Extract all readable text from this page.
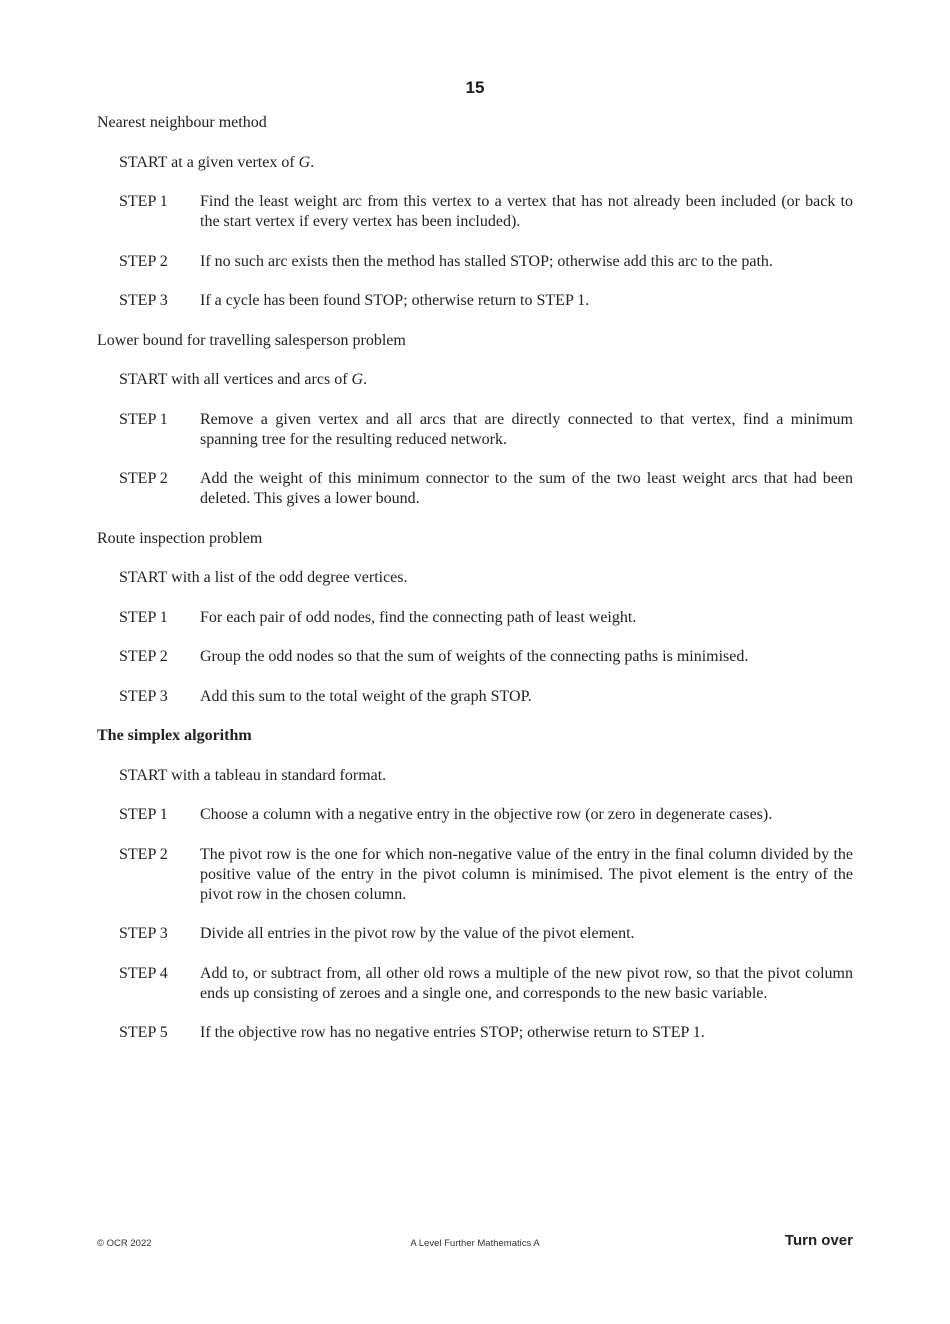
15
Nearest neighbour method
START at a given vertex of G.
STEP 1	Find the least weight arc from this vertex to a vertex that has not already been included (or back to the start vertex if every vertex has been included).
STEP 2	If no such arc exists then the method has stalled STOP; otherwise add this arc to the path.
STEP 3	If a cycle has been found STOP; otherwise return to STEP 1.
Lower bound for travelling salesperson problem
START with all vertices and arcs of G.
STEP 1	Remove a given vertex and all arcs that are directly connected to that vertex, find a minimum spanning tree for the resulting reduced network.
STEP 2	Add the weight of this minimum connector to the sum of the two least weight arcs that had been deleted. This gives a lower bound.
Route inspection problem
START with a list of the odd degree vertices.
STEP 1	For each pair of odd nodes, find the connecting path of least weight.
STEP 2	Group the odd nodes so that the sum of weights of the connecting paths is minimised.
STEP 3	Add this sum to the total weight of the graph STOP.
The simplex algorithm
START with a tableau in standard format.
STEP 1	Choose a column with a negative entry in the objective row (or zero in degenerate cases).
STEP 2	The pivot row is the one for which non-negative value of the entry in the final column divided by the positive value of the entry in the pivot column is minimised. The pivot element is the entry of the pivot row in the chosen column.
STEP 3	Divide all entries in the pivot row by the value of the pivot element.
STEP 4	Add to, or subtract from, all other old rows a multiple of the new pivot row, so that the pivot column ends up consisting of zeroes and a single one, and corresponds to the new basic variable.
STEP 5	If the objective row has no negative entries STOP; otherwise return to STEP 1.
© OCR 2022	A Level Further Mathematics A	Turn over
